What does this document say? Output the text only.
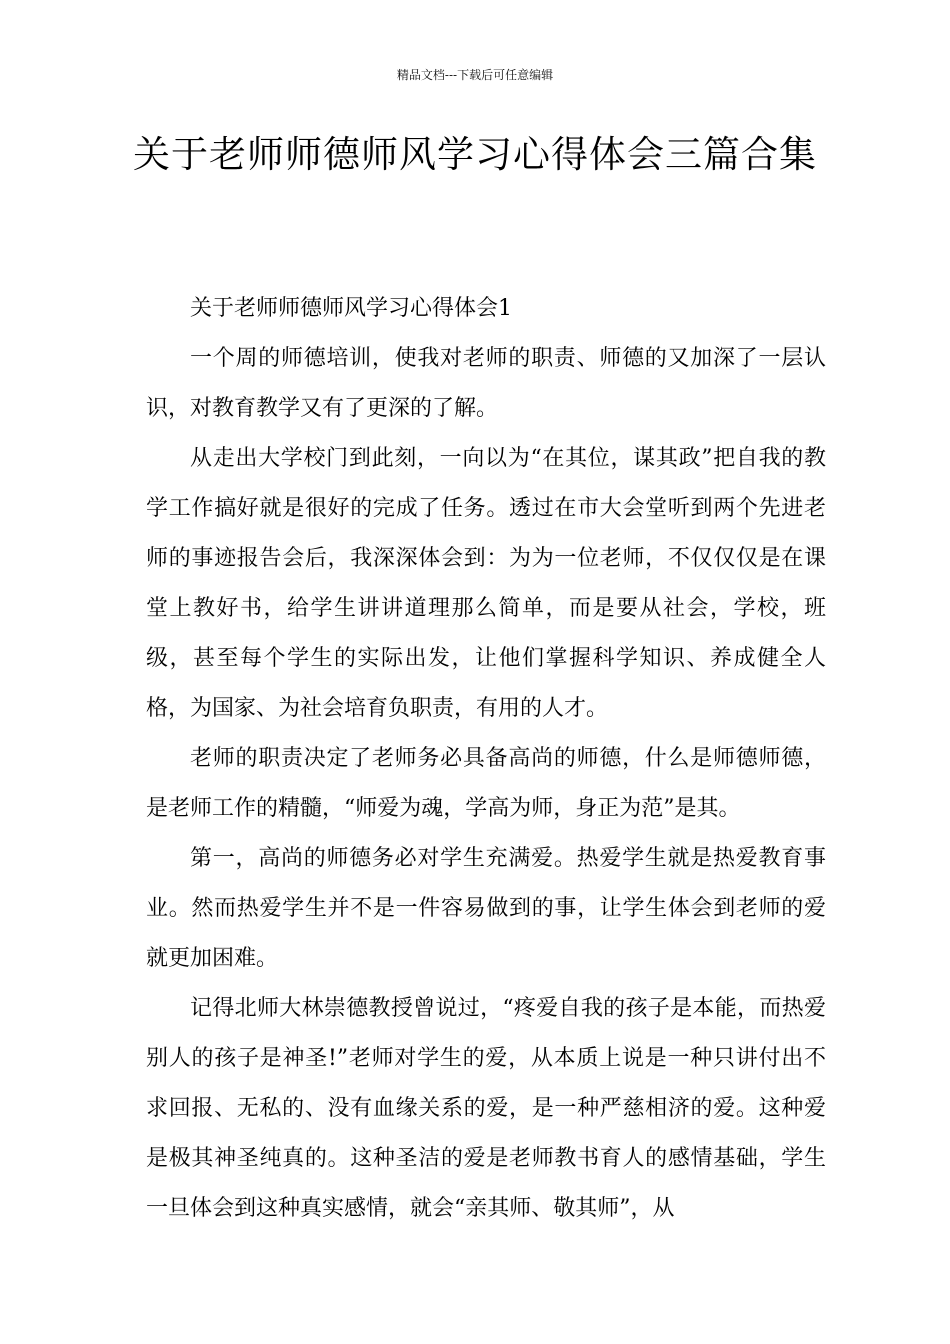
精品文档---下载后可任意编辑
关于老师师德师风学习心得体会三篇合集

关于老师师德师风学习心得体会1

一个周的师德培训，使我对老师的职责、师德的又加深了一层认识，对教育教学又有了更深的了解。

从走出大学校门到此刻，一向以为“在其位，谋其政”把自我的教学工作搞好就是很好的完成了任务。透过在市大会堂听到两个先进老师的事迹报告会后，我深深体会到：为为一位老师，不仅仅仅是在课堂上教好书，给学生讲讲道理那么简单，而是要从社会，学校，班级，甚至每个学生的实际出发，让他们掌握科学知识、养成健全人格，为国家、为社会培育负职责，有用的人才。

老师的职责决定了老师务必具备高尚的师德，什么是师德师德，是老师工作的精髓，“师爱为魂，学高为师，身正为范”是其。

第一，高尚的师德务必对学生充满爱。热爱学生就是热爱教育事业。然而热爱学生并不是一件容易做到的事，让学生体会到老师的爱就更加困难。

记得北师大林崇德教授曾说过，“疼爱自我的孩子是本能，而热爱别人的孩子是神圣!”老师对学生的爱，从本质上说是一种只讲付出不求回报、无私的、没有血缘关系的爱，是一种严慈相济的爱。这种爱是极其神圣纯真的。这种圣洁的爱是老师教书育人的感情基础，学生一旦体会到这种真实感情，就会“亲其师、敬其师”，从
